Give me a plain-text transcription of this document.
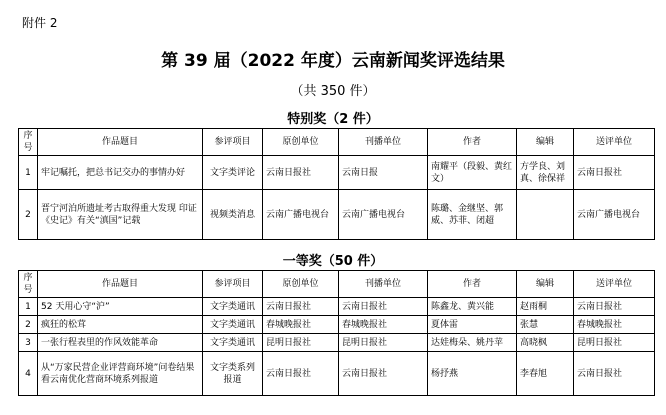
附件 2
第 39 届（2022 年度）云南新闻奖评选结果
（共 350 件）
特别奖（2 件）
序号	作品题目	参评项目	原创单位	刊播单位	作者	编辑	送评单位
1	牢记嘱托，把总书记交办的事情办好	文字类评论	云南日报社	云南日报	南耀平（段毅、黄红文）	方学良、刘真、徐保祥	云南日报社
2	晋宁河泊所遗址考古取得重大发现 印证《史记》有关“滇国”记载	视频类消息	云南广播电视台	云南广播电视台	陈璐、金继坚、郭威、苏菲、闭超		云南广播电视台
一等奖（50 件）
序号	作品题目	参评项目	原创单位	刊播单位	作者	编辑	送评单位
1	52 天用心守“沪”	文字类通讯	云南日报社	云南日报社	陈鑫龙、黄兴能	赵雨桐	云南日报社
2	疯狂的松茸	文字类通讯	春城晚报社	春城晚报社	夏体雷	张慧	春城晚报社
3	一张行程表里的作风效能革命	文字类通讯	昆明日报社	昆明日报社	达娃梅朵、姚丹苹	高晓枫	昆明日报社
4	从“万家民营企业评营商环境”问卷结果看云南优化营商环境系列报道	文字类系列报道	云南日报社	云南日报社	杨抒燕	李春旭	云南日报社
